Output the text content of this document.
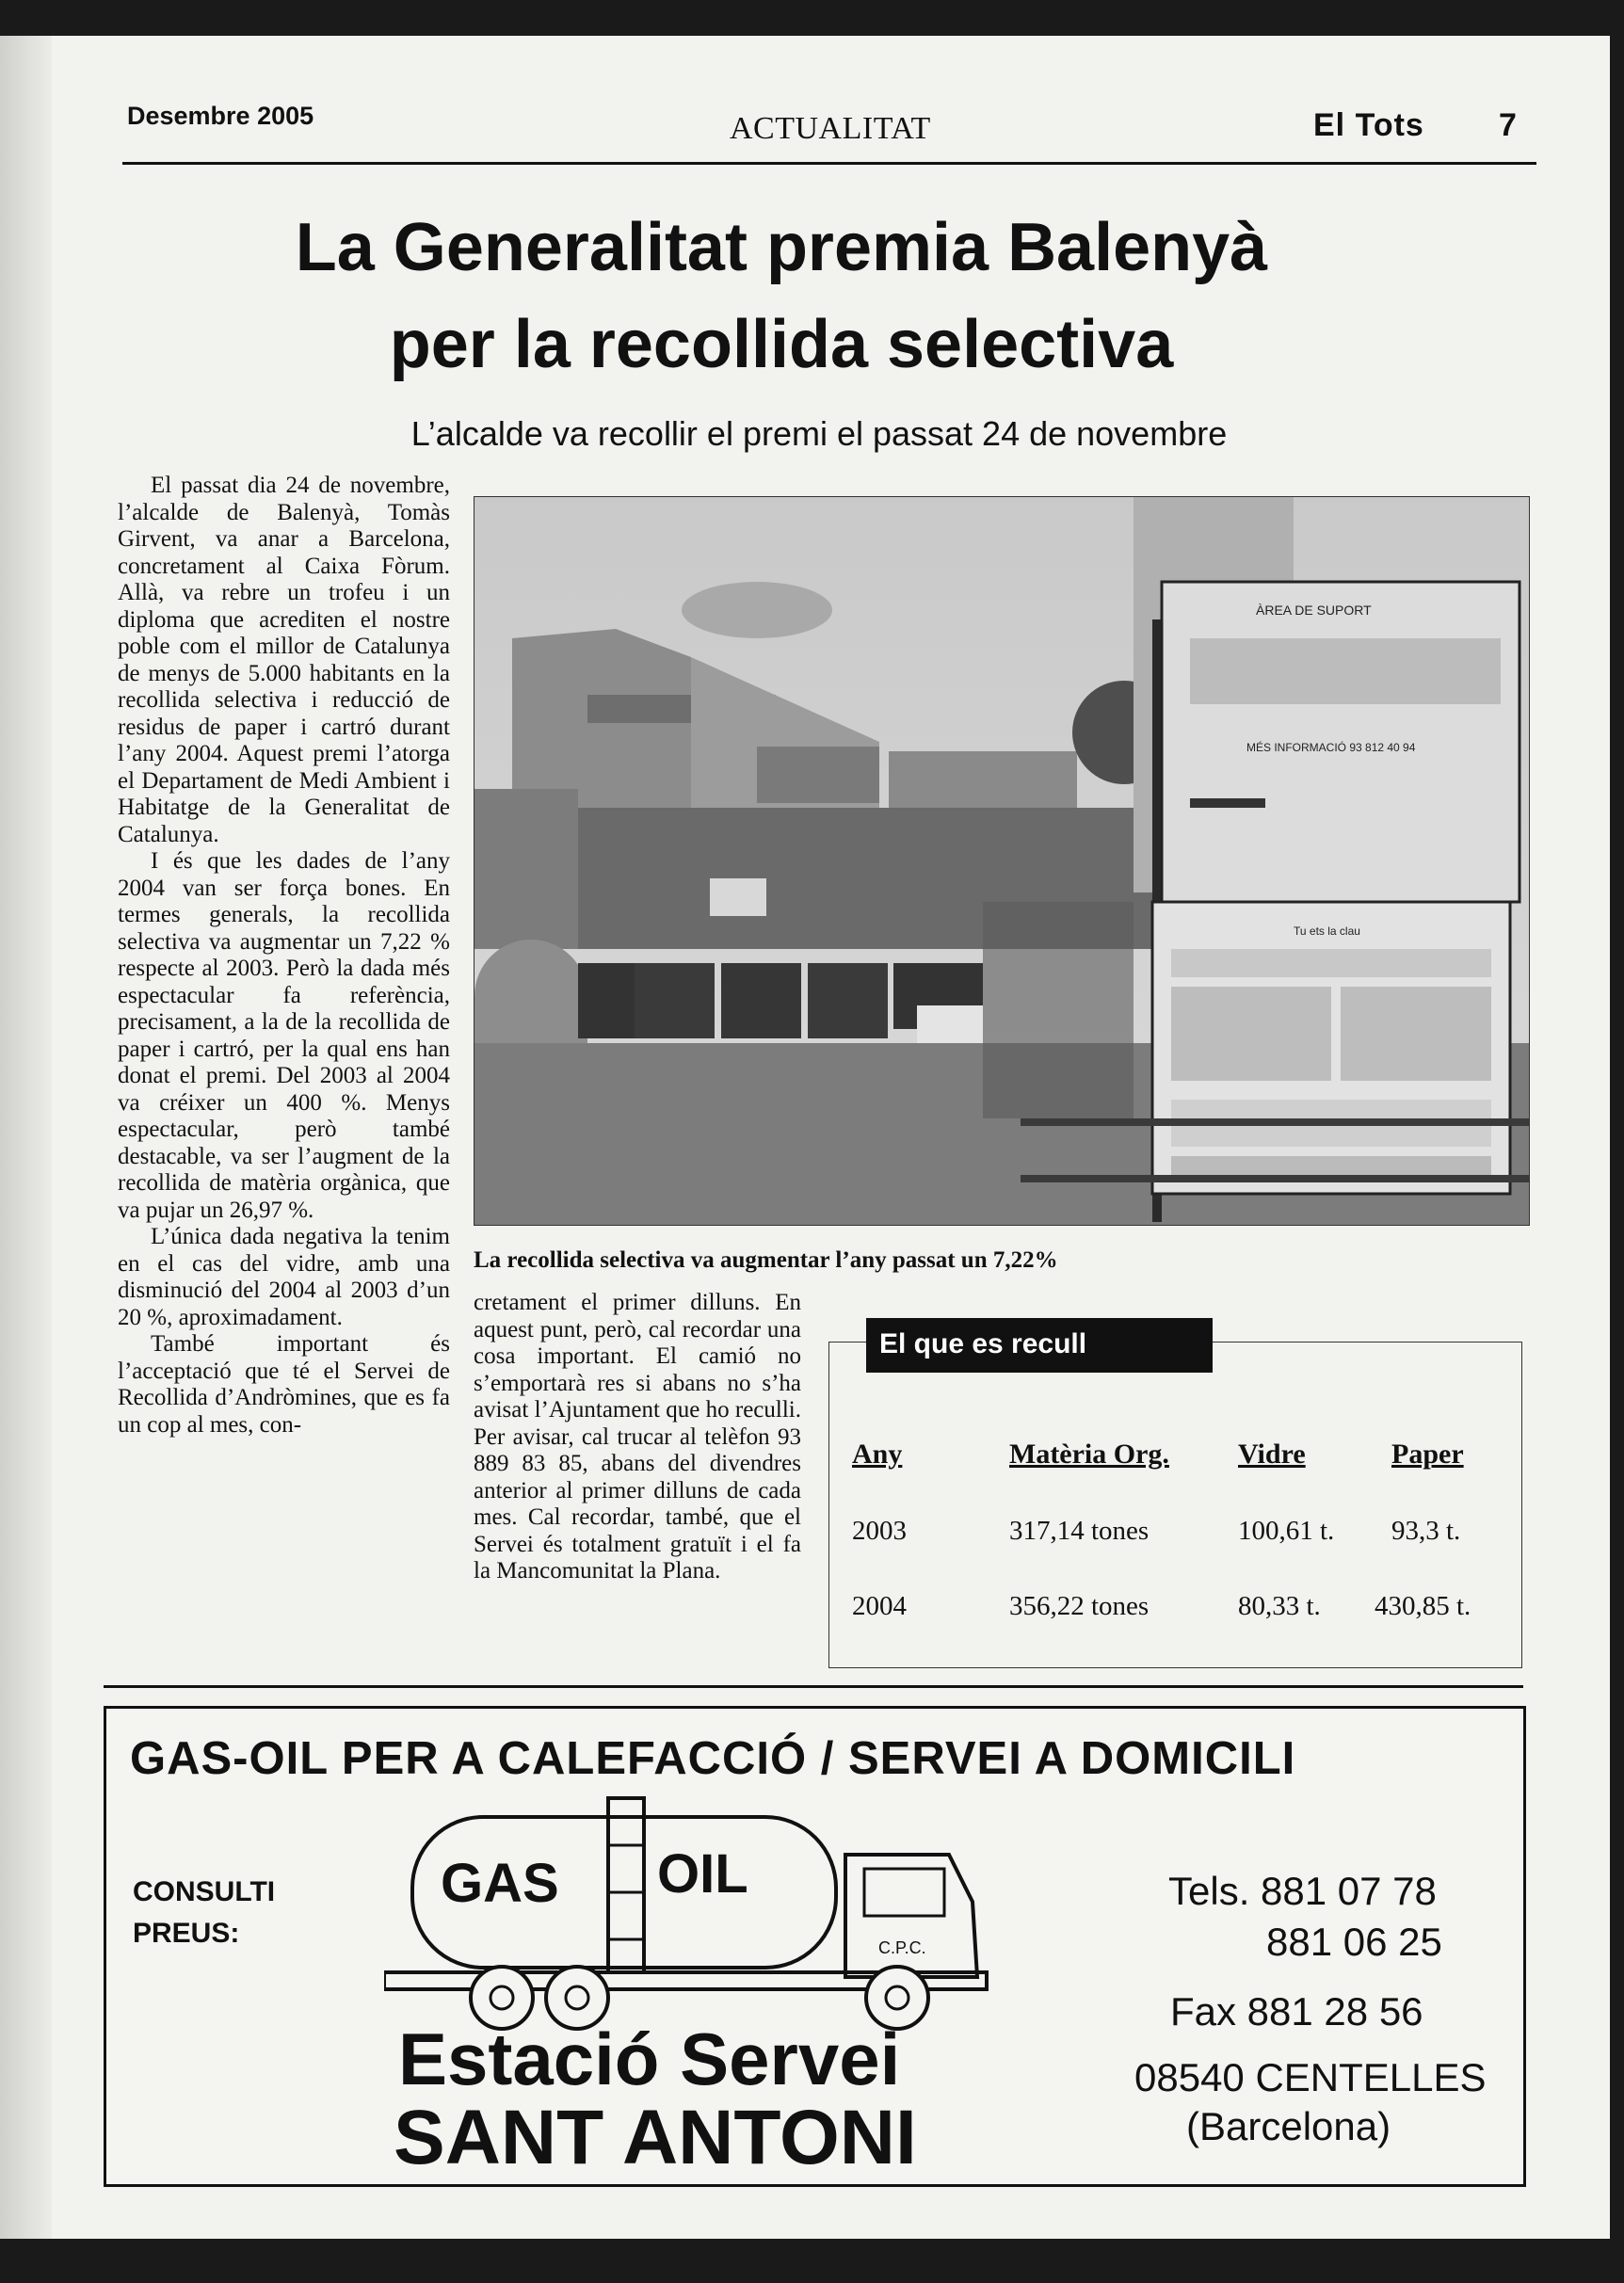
Desembre 2005	ACTUALITAT	El Tots 7
La Generalitat premia Balenyà
per la recollida selectiva
L’alcalde va recollir el premi el passat 24 de novembre

El passat dia 24 de novembre, l’alcalde de Balenyà, Tomàs Girvent, va anar a Barcelona, concretament al Caixa Fòrum. Allà, va rebre un trofeu i un diploma que acrediten el nostre poble com el millor de Catalunya de menys de 5.000 habitants en la recollida selectiva i reducció de residus de paper i cartró durant l’any 2004. Aquest premi l’atorga el Departament de Medi Ambient i Habitatge de la Generalitat de Catalunya.

I és que les dades de l’any 2004 van ser força bones. En termes generals, la recollida selectiva va augmentar un 7,22 % respecte al 2003. Però la dada més espectacular fa referència, precisament, a la de la recollida de paper i cartró, per la qual ens han donat el premi. Del 2003 al 2004 va créixer un 400 %. Menys espectacular, però també destacable, va ser l’augment de la recollida de matèria orgànica, que va pujar un 26,97 %.

L’única dada negativa la tenim en el cas del vidre, amb una disminució del 2004 al 2003 d’un 20 %, aproximadament.

També important és l’acceptació que té el Servei de Recollida d’Andròmines, que es fa un cop al mes, con-

ÀREA DE SUPORT
MÉS INFORMACIÓ 93 812 40 94
Tu ets la clau
La recollida selectiva va augmentar l’any passat un 7,22%

cretament el primer dilluns. En aquest punt, però, cal recordar una cosa important. El camió no s’emportarà res si abans no s’ha avisat l’Ajuntament que ho reculli. Per avisar, cal trucar al telèfon 93 889 83 85, abans del divendres anterior al primer dilluns de cada mes. Cal recordar, també, que el Servei és totalment gratuït i el fa la Mancomunitat la Plana.

El que es recull
Any	Matèria Org. Vidre	Paper
2003	317,14 tones	100,61 t. 93,3 t.
2004	356,22 tones	80,33 t. 430,85 t.
GAS-OIL PER A CALEFACCIÓ / SERVEI A DOMICILI
CONSULTI
PREUS:
GAS OIL
C.P.C.
Estació Servei
SANT ANTONI
Tels. 881 07 78
881 06 25
Fax 881 28 56
08540 CENTELLES
(Barcelona)
